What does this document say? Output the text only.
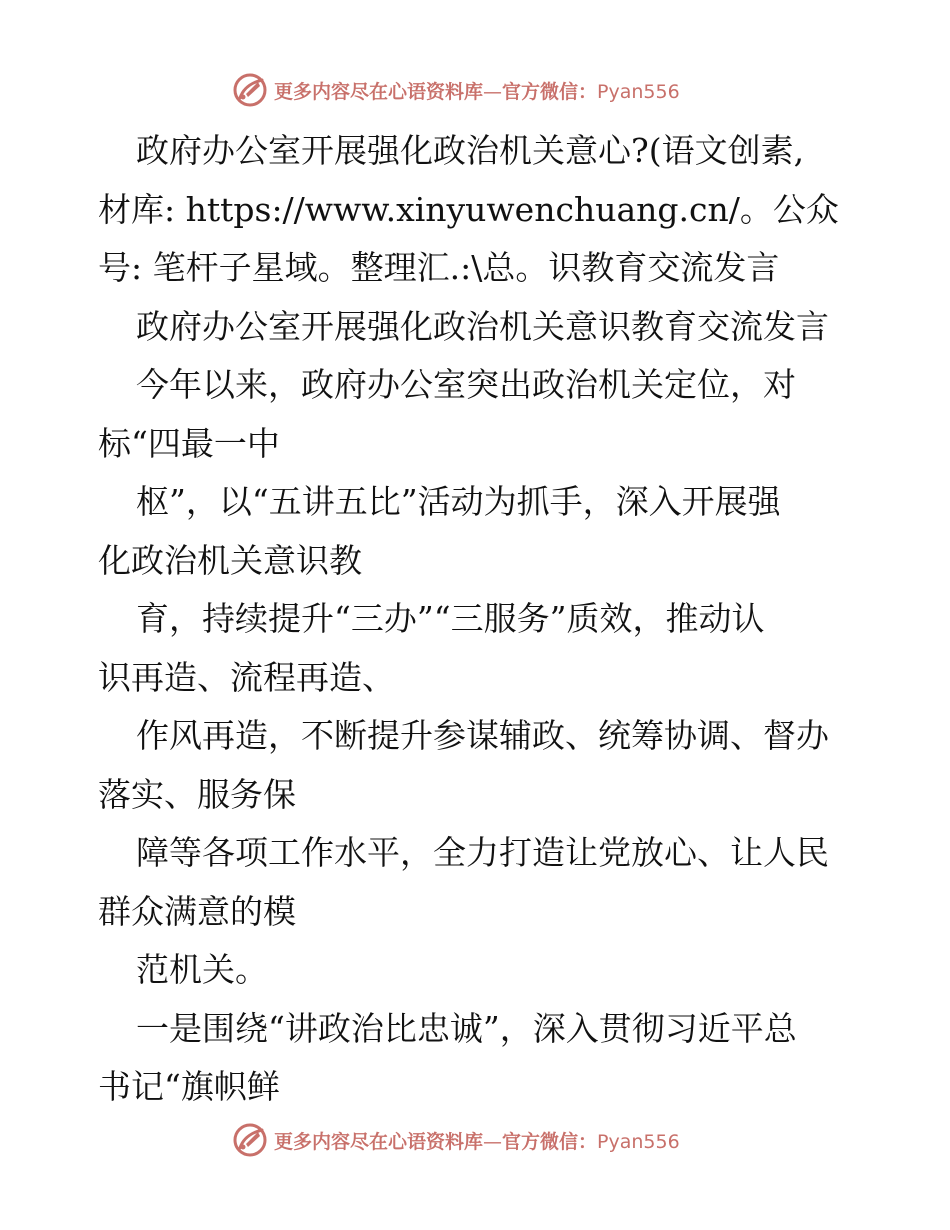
更多内容尽在心语资料库—官方微信：Pyan556
政府办公室开展强化政治机关意心?(语文创素,
材库: https://www.xinyuwenchuang.cn/。公众
号: 笔杆子星域。整理汇.:\总。识教育交流发言
政府办公室开展强化政治机关意识教育交流发言
今年以来，政府办公室突出政治机关定位，对
标“四最一中
枢”，以“五讲五比”活动为抓手，深入开展强
化政治机关意识教
育，持续提升“三办”“三服务”质效，推动认
识再造、流程再造、
作风再造，不断提升参谋辅政、统筹协调、督办
落实、服务保
障等各项工作水平，全力打造让党放心、让人民
群众满意的模
范机关。
一是围绕“讲政治比忠诚”，深入贯彻习近平总
书记“旗帜鲜
更多内容尽在心语资料库—官方微信：Pyan556
